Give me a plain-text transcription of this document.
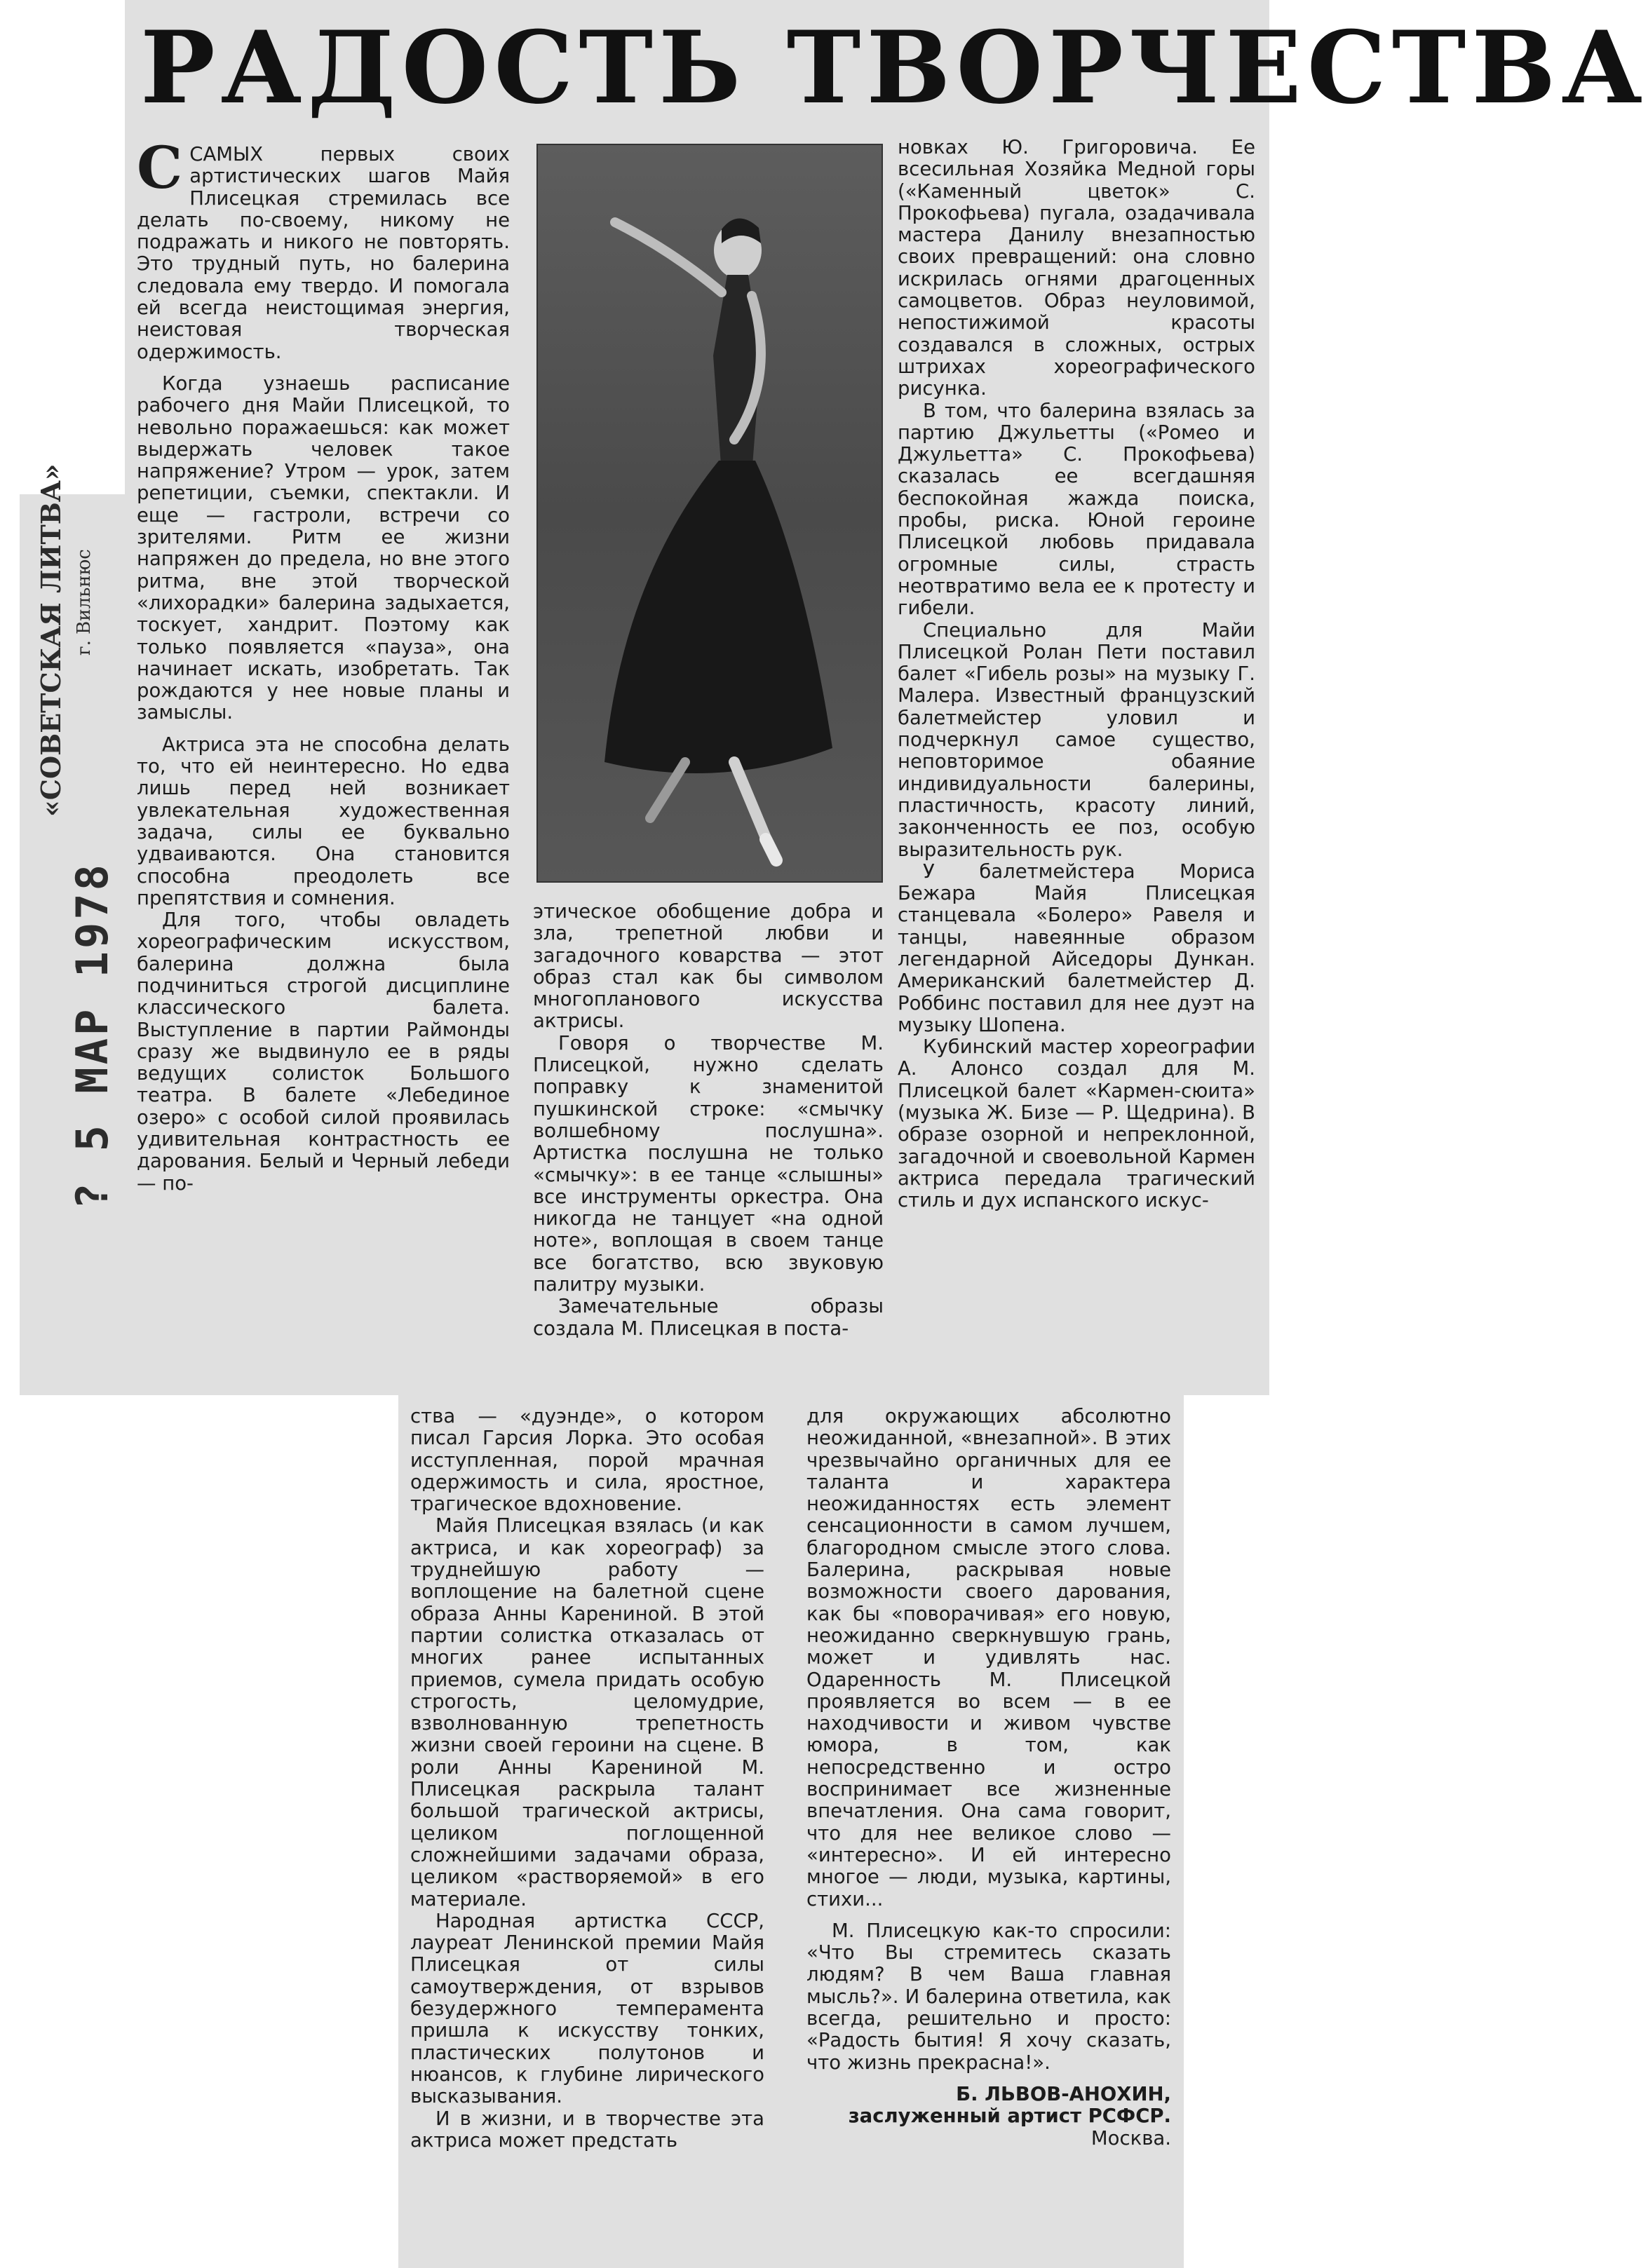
РАДОСТЬ ТВОРЧЕСТВА
«СОВЕТСКАЯ ЛИТВА» г. Вильнюс
? 5 МАР 1978

ССАМЫХ первых своих артистических шагов Майя Плисецкая стремилась все делать по-своему, никому не подражать и никого не повторять. Это трудный путь, но балерина следовала ему твердо. И помогала ей всегда неистощимая энергия, неистовая творческая одержимость.

Когда узнаешь расписание рабочего дня Майи Плисецкой, то невольно поражаешься: как может выдержать человек такое напряжение? Утром — урок, затем репетиции, съемки, спектакли. И еще — гастроли, встречи со зрителями. Ритм ее жизни напряжен до предела, но вне этого ритма, вне этой творческой «лихорадки» балерина задыхается, тоскует, хандрит. Поэтому как только появляется «пауза», она начинает искать, изобретать. Так рождаются у нее новые планы и замыслы.

Актриса эта не способна делать то, что ей неинтересно. Но едва лишь перед ней возникает увлекательная художественная задача, силы ее буквально удваиваются. Она становится способна преодолеть все препятствия и сомнения.

Для того, чтобы овладеть хореографическим искусством, балерина должна была подчиниться строгой дисциплине классического балета. Выступление в партии Раймонды сразу же выдвинуло ее в ряды ведущих солисток Большого театра. В балете «Лебединое озеро» с особой силой проявилась удивительная контрастность ее дарования. Белый и Черный лебеди — по-

этическое обобщение добра и зла, трепетной любви и загадочного коварства — этот образ стал как бы символом многопланового искусства актрисы.

Говоря о творчестве М. Плисецкой, нужно сделать поправку к знаменитой пушкинской строке: «смычку волшебному послушна». Артистка послушна не только «смычку»: в ее танце «слышны» все инструменты оркестра. Она никогда не танцует «на одной ноте», воплощая в своем танце все богатство, всю звуковую палитру музыки.

Замечательные образы создала М. Плисецкая в поста-

новках Ю. Григоровича. Ее всесильная Хозяйка Медной горы («Каменный цветок» С. Прокофьева) пугала, озадачивала мастера Данилу внезапностью своих превращений: она словно искрилась огнями драгоценных самоцветов. Образ неуловимой, непостижимой красоты создавался в сложных, острых штрихах хореографического рисунка.

В том, что балерина взялась за партию Джульетты («Ромео и Джульетта» С. Прокофьева) сказалась ее всегдашняя беспокойная жажда поиска, пробы, риска. Юной героине Плисецкой любовь придавала огромные силы, страсть неотвратимо вела ее к протесту и гибели.

Специально для Майи Плисецкой Ролан Пети поставил балет «Гибель розы» на музыку Г. Малера. Известный французский балетмейстер уловил и подчеркнул самое существо, неповторимое обаяние индивидуальности балерины, пластичность, красоту линий, законченность ее поз, особую выразительность рук.

У балетмейстера Мориса Бежара Майя Плисецкая станцевала «Болеро» Равеля и танцы, навеянные образом легендарной Айседоры Дункан. Американский балетмейстер Д. Роббинс поставил для нее дуэт на музыку Шопена.

Кубинский мастер хореографии А. Алонсо создал для М. Плисецкой балет «Кармен-сюита» (музыка Ж. Бизе — Р. Щедрина). В образе озорной и непреклонной, загадочной и своевольной Кармен актриса передала трагический стиль и дух испанского искус-

ства — «дуэнде», о котором писал Гарсия Лорка. Это особая исступленная, порой мрачная одержимость и сила, яростное, трагическое вдохновение.

Майя Плисецкая взялась (и как актриса, и как хореограф) за труднейшую работу — воплощение на балетной сцене образа Анны Карениной. В этой партии солистка отказалась от многих ранее испытанных приемов, сумела придать особую строгость, целомудрие, взволнованную трепетность жизни своей героини на сцене. В роли Анны Карениной М. Плисецкая раскрыла талант большой трагической актрисы, целиком поглощенной сложнейшими задачами образа, целиком «растворяемой» в его материале.

Народная артистка СССР, лауреат Ленинской премии Майя Плисецкая от силы самоутверждения, от взрывов безудержного темперамента пришла к искусству тонких, пластических полутонов и нюансов, к глубине лирического высказывания.

И в жизни, и в творчестве эта актриса может предстать

для окружающих абсолютно неожиданной, «внезапной». В этих чрезвычайно органичных для ее таланта и характера неожиданностях есть элемент сенсационности в самом лучшем, благородном смысле этого слова. Балерина, раскрывая новые возможности своего дарования, как бы «поворачивая» его новую, неожиданно сверкнувшую грань, может и удивлять нас. Одаренность М. Плисецкой проявляется во всем — в ее находчивости и живом чувстве юмора, в том, как непосредственно и остро воспринимает все жизненные впечатления. Она сама говорит, что для нее великое слово — «интересно». И ей интересно многое — люди, музыка, картины, стихи...

М. Плисецкую как-то спросили: «Что Вы стремитесь сказать людям? В чем Ваша главная мысль?». И балерина ответила, как всегда, решительно и просто: «Радость бытия! Я хочу сказать, что жизнь прекрасна!».

Б. ЛЬВОВ-АНОХИН,

заслуженный артист РСФСР.

Москва.
